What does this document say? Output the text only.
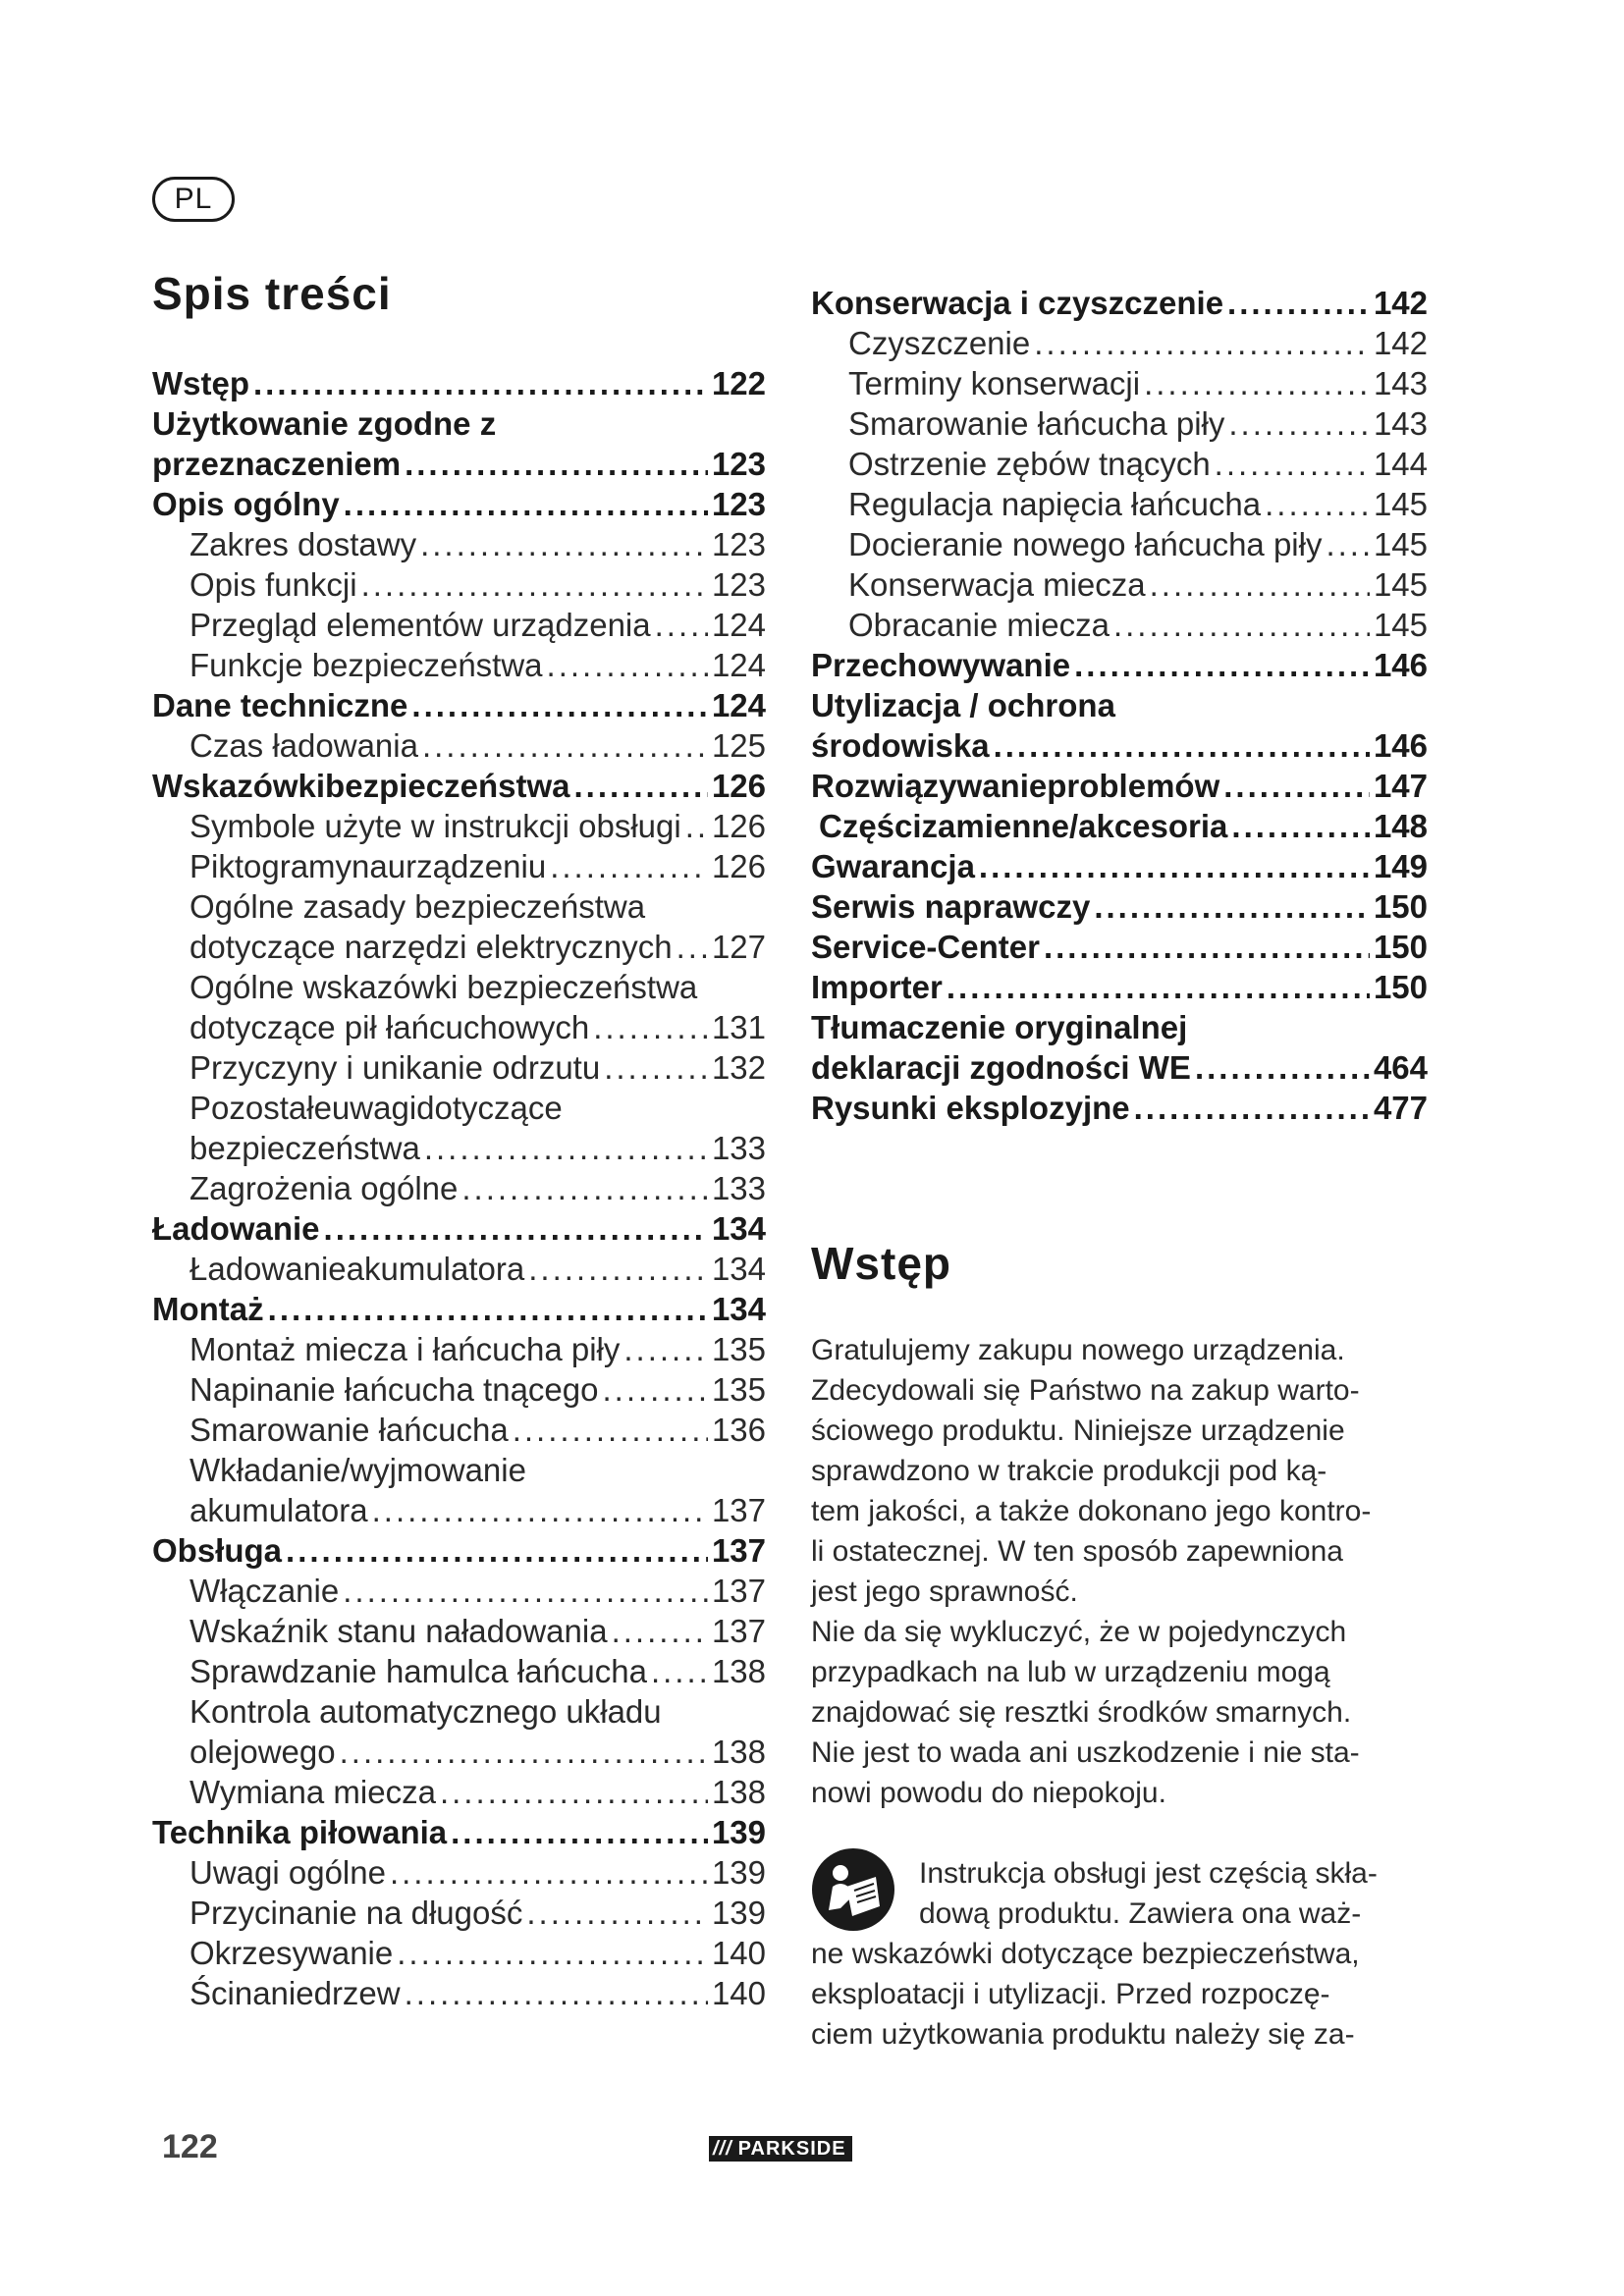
PL
Spis treści
Wstęp .....	122
Użytkowanie zgodne z
przeznaczeniem .....	123
Opis ogólny .....	123
Zakres dostawy .....	123
Opis funkcji .....	123
Przegląd elementów urządzenia ..... 124
Funkcje bezpieczeństwa .....	124
Dane techniczne .....	124
Czas ładowania .....	125
Wskazówkibezpieczeństwa .....	126
Symbole użyte w instrukcji obsługi ..... 126
Piktogramynaurządzeniu .....	126
Ogólne zasady bezpieczeństwa
dotyczące narzędzi elektrycznych ..... 127
Ogólne wskazówki bezpieczeństwa
dotyczące pił łańcuchowych .....	131
Przyczyny i unikanie odrzutu .....	132
Pozostałeuwagidotyczące
bezpieczeństwa .....	133
Zagrożenia ogólne .....	133
Ładowanie .....	134
Ładowanieakumulatora .....	134
Montaż .....	134
Montaż miecza i łańcucha piły .....	135
Napinanie łańcucha tnącego .....	135
Smarowanie łańcucha .....	136
Wkładanie/wyjmowanie
akumulatora .....	137
Obsługa .....	137
Włączanie .....	137
Wskaźnik stanu naładowania .....	137
Sprawdzanie hamulca łańcucha ..... 138
Kontrola automatycznego układu
olejowego .....	138
Wymiana miecza .....	138
Technika piłowania .....	139
Uwagi ogólne .....	139
Przycinanie na długość .....	139
Okrzesywanie .....	140
Ścinaniedrzew .....	140
Konserwacja i czyszczenie .....	142
Czyszczenie .....	142
Terminy konserwacji .....	143
Smarowanie łańcucha piły .....	143
Ostrzenie zębów tnących .....	144
Regulacja napięcia łańcucha .....	145
Docieranie nowego łańcucha piły ..... 145
Konserwacja miecza .....	145
Obracanie miecza .....	145
Przechowywanie .....	146
Utylizacja / ochrona
środowiska .....	146
Rozwiązywanieproblemów .....	147
Częścizamienne/akcesoria .....	148
Gwarancja .....	149
Serwis naprawczy .....	150
Service-Center .....	150
Importer .....	150
Tłumaczenie oryginalnej
deklaracji zgodności WE .....	464
Rysunki eksplozyjne .....	477
Wstęp
Gratulujemy zakupu nowego urządzenia.
Zdecydowali się Państwo na zakup warto-
ściowego produktu. Niniejsze urządzenie
sprawdzono w trakcie produkcji pod ką-
tem jakości, a także dokonano jego kontro-
li ostatecznej. W ten sposób zapewniona
jest jego sprawność.
Nie da się wykluczyć, że w pojedynczych
przypadkach na lub w urządzeniu mogą
znajdować się resztki środków smarnych.
Nie jest to wada ani uszkodzenie i nie sta-
nowi powodu do niepokoju.
Instrukcja obsługi jest częścią skła-
dową produktu. Zawiera ona waż-
ne wskazówki dotyczące bezpieczeństwa,
eksploatacji i utylizacji. Przed rozpoczę-
ciem użytkowania produktu należy się za-
122	/// PARKSIDE
